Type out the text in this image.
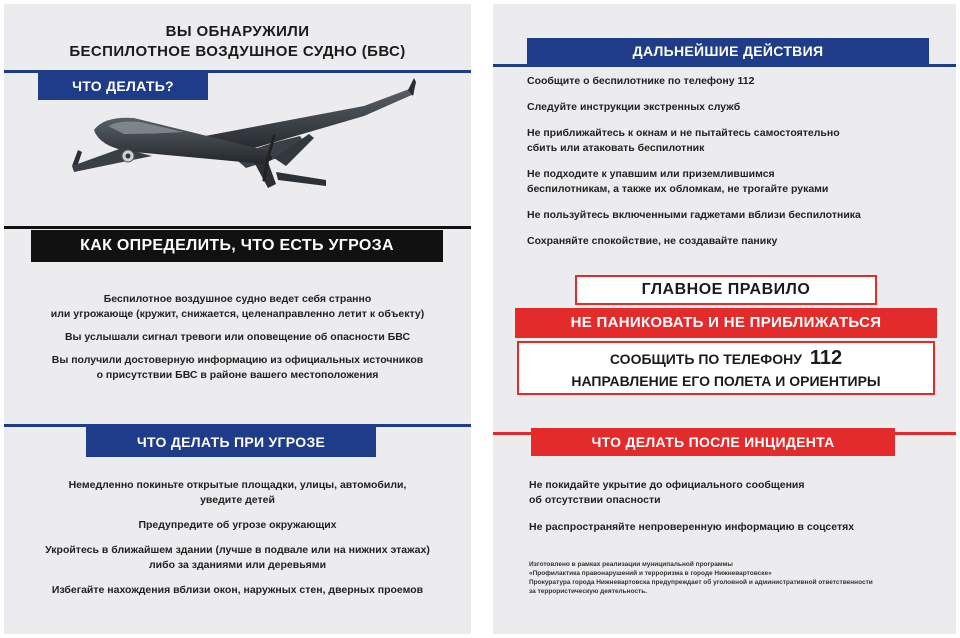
ВЫ ОБНАРУЖИЛИ
БЕСПИЛОТНОЕ ВОЗДУШНОЕ СУДНО (БВС)
ЧТО ДЕЛАТЬ?
КАК ОПРЕДЕЛИТЬ, ЧТО ЕСТЬ УГРОЗА
Беспилотное воздушное судно ведет себя странно
или угрожающе (кружит, снижается, целенаправленно летит к объекту)
Вы услышали сигнал тревоги или оповещение об опасности БВС
Вы получили достоверную информацию из официальных источников
о присутствии БВС в районе вашего местоположения
ЧТО ДЕЛАТЬ ПРИ УГРОЗЕ
Немедленно покиньте открытые площадки, улицы, автомобили,
уведите детей
Предупредите об угрозе окружающих
Укройтесь в ближайшем здании (лучше в подвале или на нижних этажах)
либо за зданиями или деревьями
Избегайте нахождения вблизи окон, наружных стен, дверных проемов
ДАЛЬНЕЙШИЕ ДЕЙСТВИЯ
Сообщите о беспилотнике по телефону 112
Следуйте инструкции экстренных служб
Не приближайтесь к окнам и не пытайтесь самостоятельно
сбить или атаковать беспилотник
Не подходите к упавшим или приземлившимся
беспилотникам, а также их обломкам, не трогайте руками
Не пользуйтесь включенными гаджетами вблизи беспилотника
Сохраняйте спокойствие, не создавайте панику
ГЛАВНОЕ ПРАВИЛО
НЕ ПАНИКОВАТЬ И НЕ ПРИБЛИЖАТЬСЯ
СООБЩИТЬ ПО ТЕЛЕФОНУ 112
НАПРАВЛЕНИЕ ЕГО ПОЛЕТА И ОРИЕНТИРЫ
ЧТО ДЕЛАТЬ ПОСЛЕ ИНЦИДЕНТА
Не покидайте укрытие до официального сообщения
об отсутствии опасности
Не распространяйте непроверенную информацию в соцсетях
Изготовлено в рамках реализации муниципальной программы
«Профилактика правонарушений и терроризма в городе Нижневартовске»
Прокуратура города Нижневартовска предупреждает об уголовной и административной ответственности
за террористическую деятельность.
